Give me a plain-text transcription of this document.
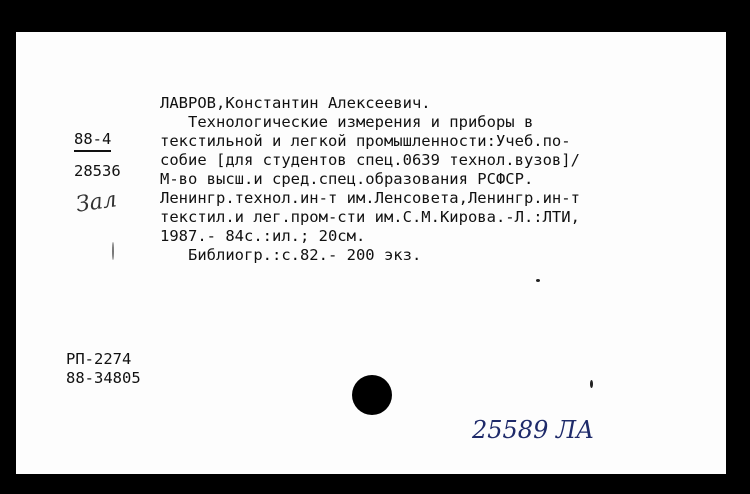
88-4
28536
ЛАВРОВ,Константин Алексеевич.
Технологические измерения и приборы в
текстильной и легкой промышленности:Учеб.по-
собие [для студентов спец.0639 технол.вузов]/
М-во высш.и сред.спец.образования РСФСР.
Ленингр.технол.ин-т им.Ленсовета,Ленингр.ин-т
текстил.и лег.пром-сти им.С.М.Кирова.-Л.:ЛТИ,
1987.- 84с.:ил.; 20см.
Библиогр.:с.82.- 200 экз.
РП-2274
88-34805
Зал
25589 ЛА
